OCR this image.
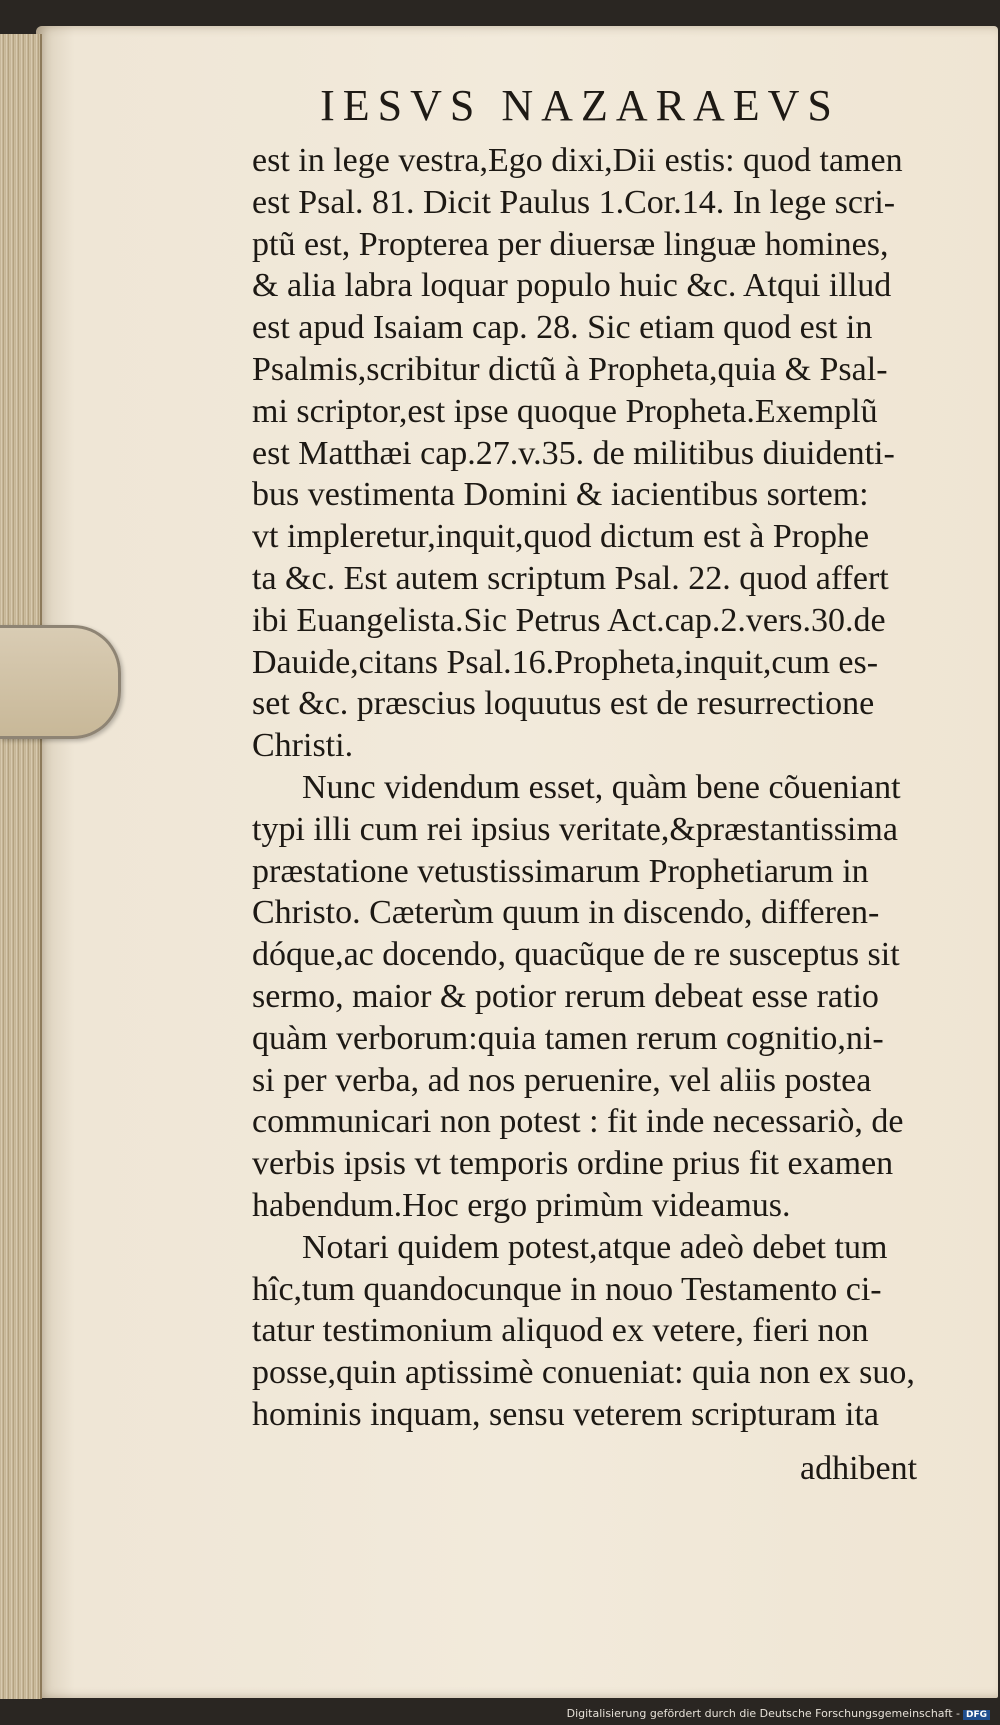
IESVS NAZARAEVS
est in lege vestra,Ego dixi,Dii estis: quod tamen
est Psal. 81. Dicit Paulus 1.Cor.14. In lege scri-
ptũ est, Propterea per diuersæ linguæ homines,
& alia labra loquar populo huic &c. Atqui illud
est apud Isaiam cap. 28. Sic etiam quod est in
Psalmis,scribitur dictũ à Propheta,quia & Psal-
mi scriptor,est ipse quoque Propheta.Exemplũ
est Matthæi cap.27.v.35. de militibus diuidenti-
bus vestimenta Domini & iacientibus sortem:
vt impleretur,inquit,quod dictum est à Prophe
ta &c. Est autem scriptum Psal. 22. quod affert
ibi Euangelista.Sic Petrus Act.cap.2.vers.30.de
Dauide,citans Psal.16.Propheta,inquit,cum es-
set &c. præscius loquutus est de resurrectione
Christi.
Nunc videndum esset, quàm bene cõueniant
typi illi cum rei ipsius veritate,&præstantissima
præstatione vetustissimarum Prophetiarum in
Christo. Cæterùm quum in discendo, differen-
dóque,ac docendo, quacũque de re susceptus sit
sermo, maior & potior rerum debeat esse ratio
quàm verborum:quia tamen rerum cognitio,ni-
si per verba, ad nos peruenire, vel aliis postea
communicari non potest : fit inde necessariò, de
verbis ipsis vt temporis ordine prius fit examen
habendum.Hoc ergo primùm videamus.
Notari quidem potest,atque adeò debet tum
hîc,tum quandocunque in nouo Testamento ci-
tatur testimonium aliquod ex vetere, fieri non
posse,quin aptissimè conueniat: quia non ex suo,
hominis inquam, sensu veterem scripturam ita
adhibent
Digitalisierung gefördert durch die Deutsche Forschungsgemeinschaft - DFG
